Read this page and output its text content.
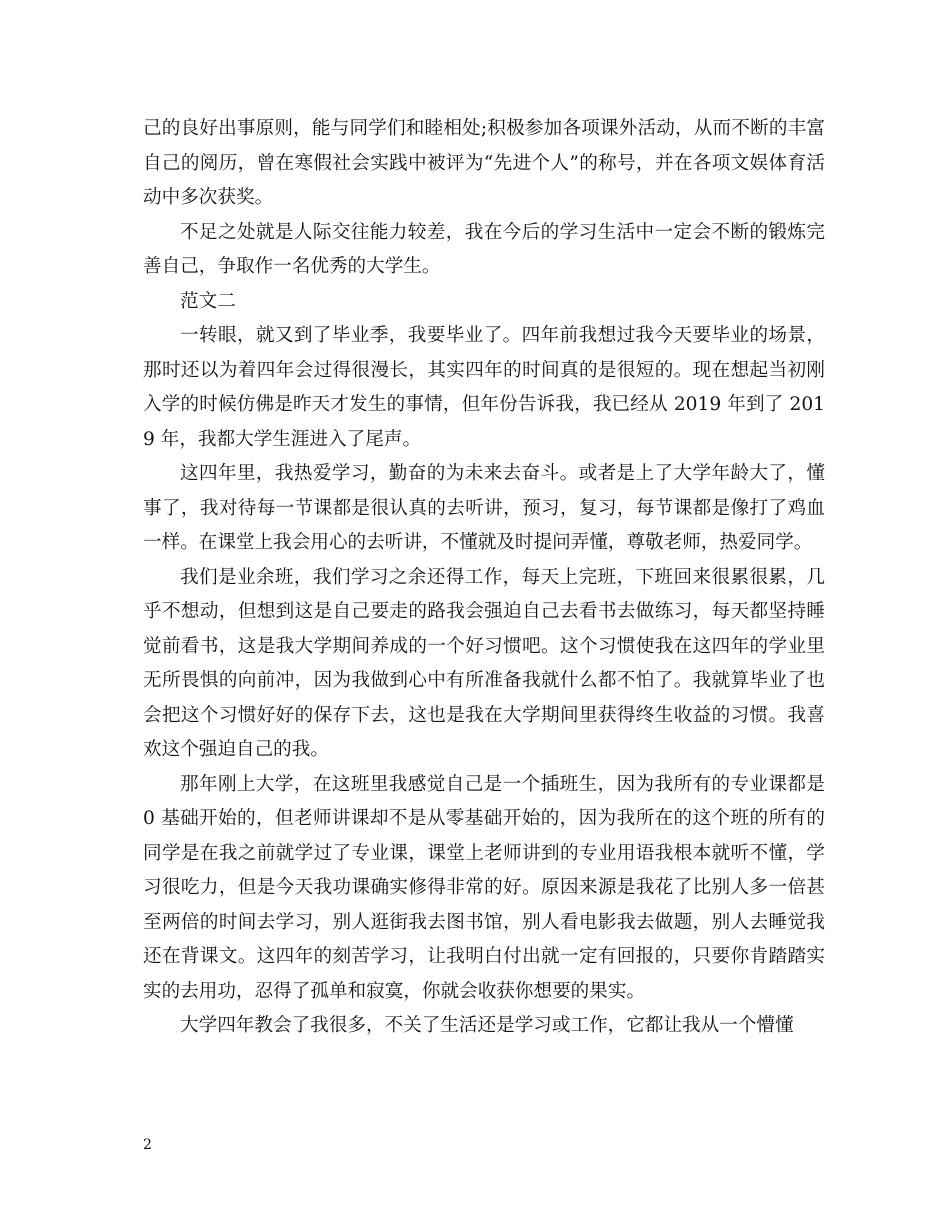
己的良好出事原则，能与同学们和睦相处;积极参加各项课外活动，从而不断的丰富自己的阅历，曾在寒假社会实践中被评为“先进个人”的称号，并在各项文娱体育活动中多次获奖。

不足之处就是人际交往能力较差，我在今后的学习生活中一定会不断的锻炼完善自己，争取作一名优秀的大学生。

范文二

一转眼，就又到了毕业季，我要毕业了。四年前我想过我今天要毕业的场景，那时还以为着四年会过得很漫长，其实四年的时间真的是很短的。现在想起当初刚入学的时候仿佛是昨天才发生的事情，但年份告诉我，我已经从 2019 年到了 2019 年，我都大学生涯进入了尾声。

这四年里，我热爱学习，勤奋的为未来去奋斗。或者是上了大学年龄大了，懂事了，我对待每一节课都是很认真的去听讲，预习，复习，每节课都是像打了鸡血一样。在课堂上我会用心的去听讲，不懂就及时提问弄懂，尊敬老师，热爱同学。

我们是业余班，我们学习之余还得工作，每天上完班，下班回来很累很累，几乎不想动，但想到这是自己要走的路我会强迫自己去看书去做练习，每天都坚持睡觉前看书，这是我大学期间养成的一个好习惯吧。这个习惯使我在这四年的学业里无所畏惧的向前冲，因为我做到心中有所准备我就什么都不怕了。我就算毕业了也会把这个习惯好好的保存下去，这也是我在大学期间里获得终生收益的习惯。我喜欢这个强迫自己的我。

那年刚上大学，在这班里我感觉自己是一个插班生，因为我所有的专业课都是 0 基础开始的，但老师讲课却不是从零基础开始的，因为我所在的这个班的所有的同学是在我之前就学过了专业课，课堂上老师讲到的专业用语我根本就听不懂，学习很吃力，但是今天我功课确实修得非常的好。原因来源是我花了比别人多一倍甚至两倍的时间去学习，别人逛街我去图书馆，别人看电影我去做题，别人去睡觉我还在背课文。这四年的刻苦学习，让我明白付出就一定有回报的，只要你肯踏踏实实的去用功，忍得了孤单和寂寞，你就会收获你想要的果实。

大学四年教会了我很多，不关了生活还是学习或工作，它都让我从一个懵懂

2
